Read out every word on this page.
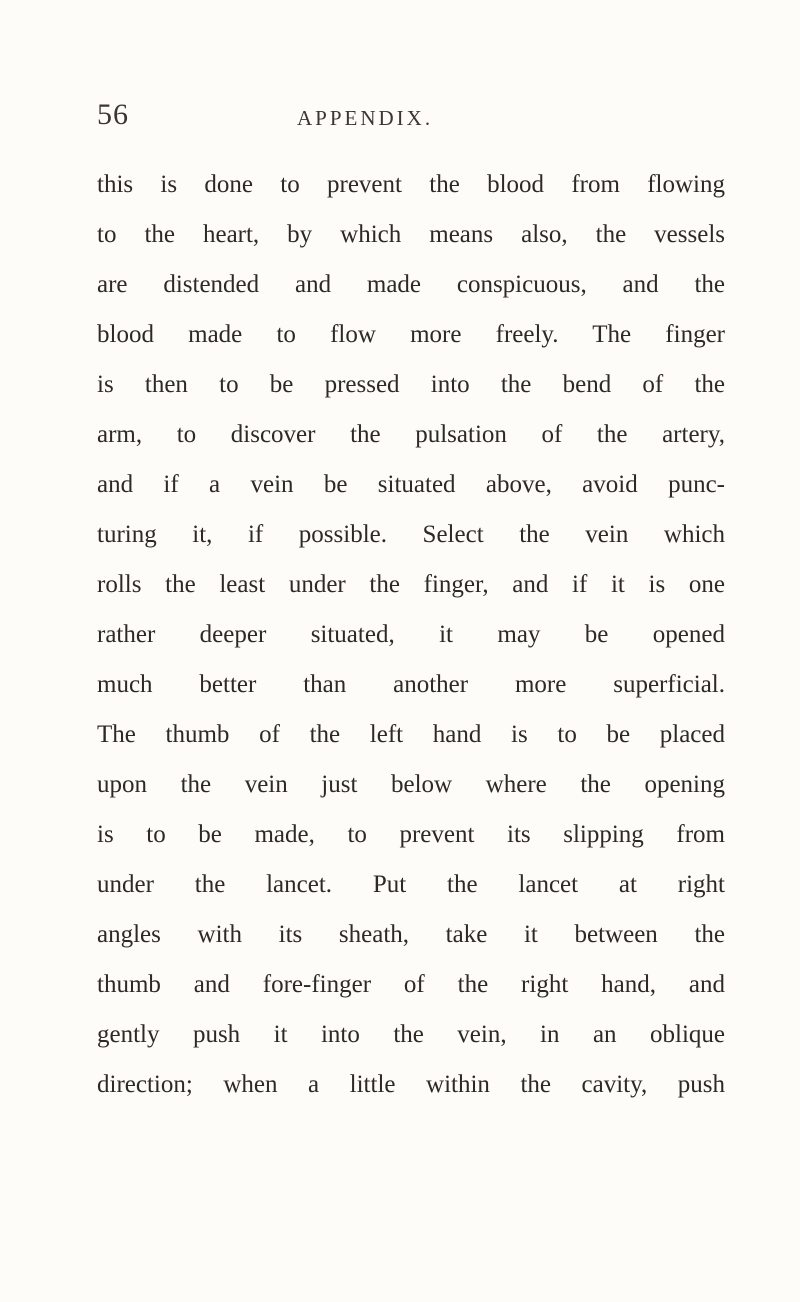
56	APPENDIX.
this is done to prevent the blood from flowing
to the heart, by which means also, the vessels
are distended and made conspicuous, and the
blood made to flow more freely. The finger
is then to be pressed into the bend of the
arm, to discover the pulsation of the artery,
and if a vein be situated above, avoid punc-
turing it, if possible. Select the vein which
rolls the least under the finger, and if it is one
rather deeper situated, it may be opened
much better than another more superficial.
The thumb of the left hand is to be placed
upon the vein just below where the opening
is to be made, to prevent its slipping from
under the lancet. Put the lancet at right
angles with its sheath, take it between the
thumb and fore-finger of the right hand, and
gently push it into the vein, in an oblique
direction; when a little within the cavity, push
